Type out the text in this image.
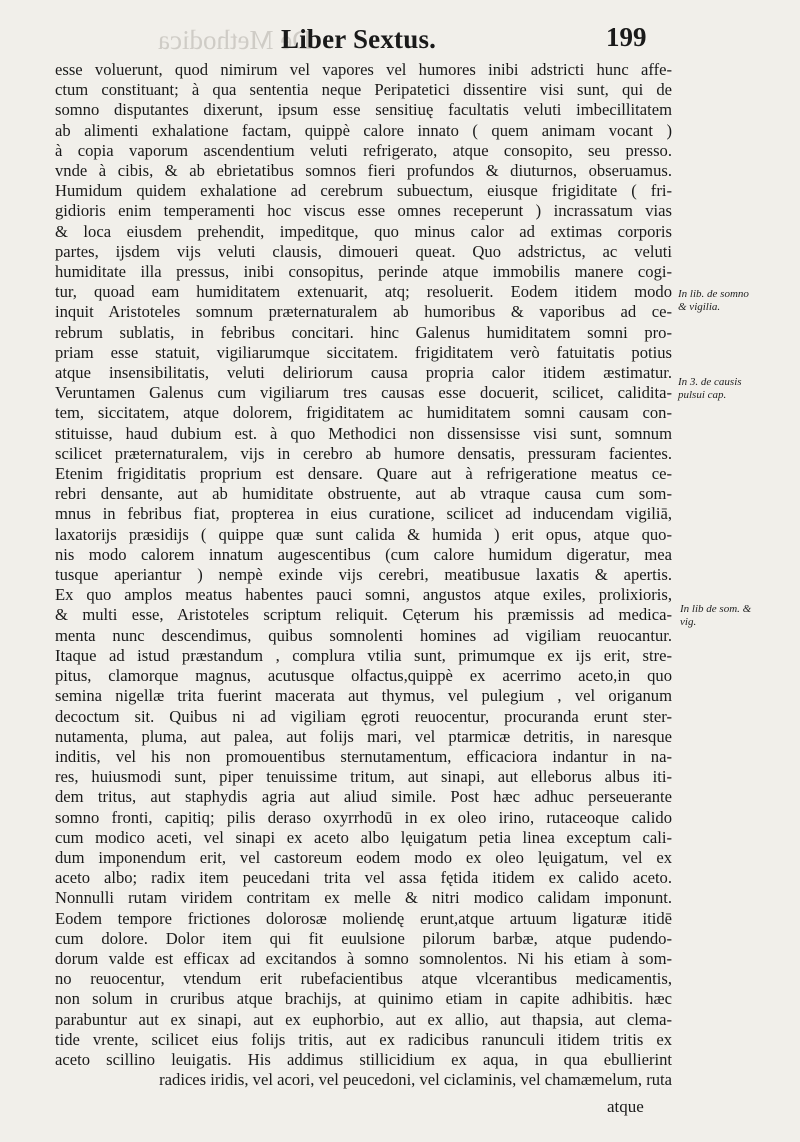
De Methodica
Liber Sextus.	199
esse voluerunt, quod nimirum vel vapores vel humores inibi adstricti hunc affe-
ctum constituant; à qua sententia neque Peripatetici dissentire visi sunt, qui de
somno disputantes dixerunt, ipsum esse sensitiuę facultatis veluti imbecillitatem
ab alimenti exhalatione factam, quippè calore innato ( quem animam vocant )
à copia vaporum ascendentium veluti refrigerato, atque consopito, seu presso.
vnde à cibis, & ab ebrietatibus somnos fieri profundos & diuturnos, obseruamus.
Humidum quidem exhalatione ad cerebrum subuectum, eiusque frigiditate ( fri-
gidioris enim temperamenti hoc viscus esse omnes receperunt ) incrassatum vias
& loca eiusdem prehendit, impeditque, quo minus calor ad extimas corporis
partes, ijsdem vijs veluti clausis, dimoueri queat. Quo adstrictus, ac veluti
humiditate illa pressus, inibi consopitus, perinde atque immobilis manere cogi-
tur, quoad eam humiditatem extenuarit, atq; resoluerit. Eodem itidem modo
inquit Aristoteles somnum præternaturalem ab humoribus & vaporibus ad ce-
rebrum sublatis, in febribus concitari. hinc Galenus humiditatem somni pro-
priam esse statuit, vigiliarumque siccitatem. frigiditatem verò fatuitatis potius
atque insensibilitatis, veluti deliriorum causa propria calor itidem æstimatur.
Veruntamen Galenus cum vigiliarum tres causas esse docuerit, scilicet, calidita-
tem, siccitatem, atque dolorem, frigiditatem ac humiditatem somni causam con-
stituisse, haud dubium est. à quo Methodici non dissensisse visi sunt, somnum
scilicet præternaturalem, vijs in cerebro ab humore densatis, pressuram facientes.
Etenim frigiditatis proprium est densare. Quare aut à refrigeratione meatus ce-
rebri densante, aut ab humiditate obstruente, aut ab vtraque causa cum som-
mnus in febribus fiat, propterea in eius curatione, scilicet ad inducendam vigiliā,
laxatorijs præsidijs ( quippe quæ sunt calida & humida ) erit opus, atque quo-
nis modo calorem innatum augescentibus (cum calore humidum digeratur, mea
tusque aperiantur ) nempè exinde vijs cerebri, meatibusue laxatis & apertis.
Ex quo amplos meatus habentes pauci somni, angustos atque exiles, prolixioris,
& multi esse, Aristoteles scriptum reliquit. Cęterum his præmissis ad medica-
menta nunc descendimus, quibus somnolenti homines ad vigiliam reuocantur.
Itaque ad istud præstandum , complura vtilia sunt, primumque ex ijs erit, stre-
pitus, clamorque magnus, acutusque olfactus,quippè ex acerrimo aceto,in quo
semina nigellæ trita fuerint macerata aut thymus, vel pulegium , vel origanum
decoctum sit. Quibus ni ad vigiliam ęgroti reuocentur, procuranda erunt ster-
nutamenta, pluma, aut palea, aut folijs mari, vel ptarmicæ detritis, in naresque
inditis, vel his non promouentibus sternutamentum, efficaciora indantur in na-
res, huiusmodi sunt, piper tenuissime tritum, aut sinapi, aut elleborus albus iti-
dem tritus, aut staphydis agria aut aliud simile. Post hæc adhuc perseuerante
somno fronti, capitiq; pilis deraso oxyrrhodū in ex oleo irino, rutaceoque calido
cum modico aceti, vel sinapi ex aceto albo lęuigatum petia linea exceptum cali-
dum imponendum erit, vel castoreum eodem modo ex oleo lęuigatum, vel ex
aceto albo; radix item peucedani trita vel assa fętida itidem ex calido aceto.
Nonnulli rutam viridem contritam ex melle & nitri modico calidam imponunt.
Eodem tempore frictiones dolorosæ moliendę erunt,atque artuum ligaturæ itidē
cum dolore. Dolor item qui fit euulsione pilorum barbæ, atque pudendo-
dorum valde est efficax ad excitandos à somno somnolentos. Ni his etiam à som-
no reuocentur, vtendum erit rubefacientibus atque vlcerantibus medicamentis,
non solum in cruribus atque brachijs, at quinimo etiam in capite adhibitis. hæc
parabuntur aut ex sinapi, aut ex euphorbio, aut ex allio, aut thapsia, aut clema-
tide vrente, scilicet eius folijs tritis, aut ex radicibus ranunculi itidem tritis ex
aceto scillino leuigatis. His addimus stillicidium ex aqua, in qua ebullierint
radices iridis, vel acori, vel peucedoni, vel ciclaminis, vel chamæmelum, ruta
In lib. de somno
& vigilia.
In 3. de causis
pulsui cap.
In lib de som. &
vig.
atque
